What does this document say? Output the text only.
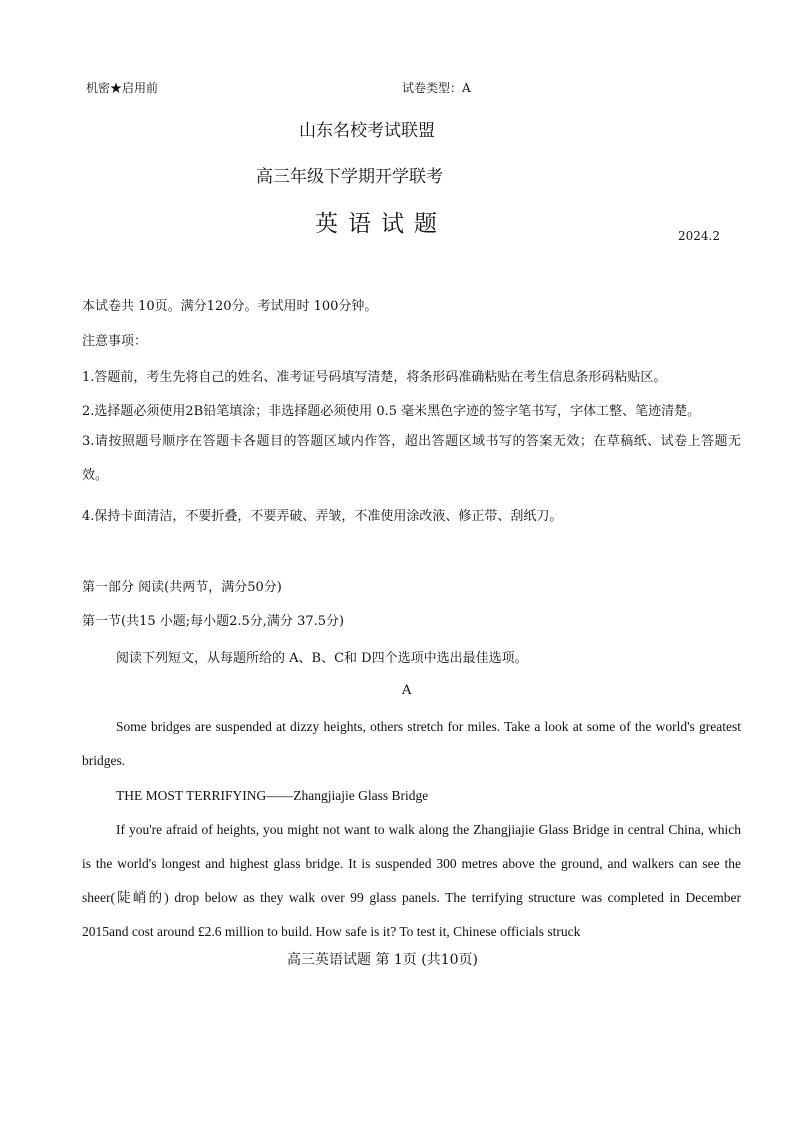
机密★启用前	试卷类型：A
山东名校考试联盟
高三年级下学期开学联考
英语试题	2024.2
本试卷共 10页。满分120分。考试用时 100分钟。
注意事项：
1.答题前，考生先将自己的姓名、准考证号码填写清楚，将条形码准确粘贴在考生信息条形码粘贴区。
2.选择题必须使用2B铅笔填涂；非选择题必须使用 0.5 毫米黑色字迹的签字笔书写，字体工整、笔迹清楚。
3.请按照题号顺序在答题卡各题目的答题区域内作答，超出答题区域书写的答案无效；在草稿纸、试卷上答题无效。
4.保持卡面清洁，不要折叠，不要弄破、弄皱，不准使用涂改液、修正带、刮纸刀。
第一部分 阅读(共两节，满分50分)
第一节(共15 小题;每小题2.5分,满分 37.5分)
阅读下列短文，从每题所给的 A、B、C和 D四个选项中选出最佳选项。
A
Some bridges are suspended at dizzy heights, others stretch for miles. Take a look at some of the world's greatest bridges.
THE MOST TERRIFYING——Zhangjiajie Glass Bridge
If you're afraid of heights, you might not want to walk along the Zhangjiajie Glass Bridge in central China, which is the world's longest and highest glass bridge. It is suspended 300 metres above the ground, and walkers can see the sheer(陡峭的) drop below as they walk over 99 glass panels. The terrifying structure was completed in December 2015and cost around £2.6 million to build. How safe is it? To test it, Chinese officials struck
高三英语试题 第 1页 (共10页)
